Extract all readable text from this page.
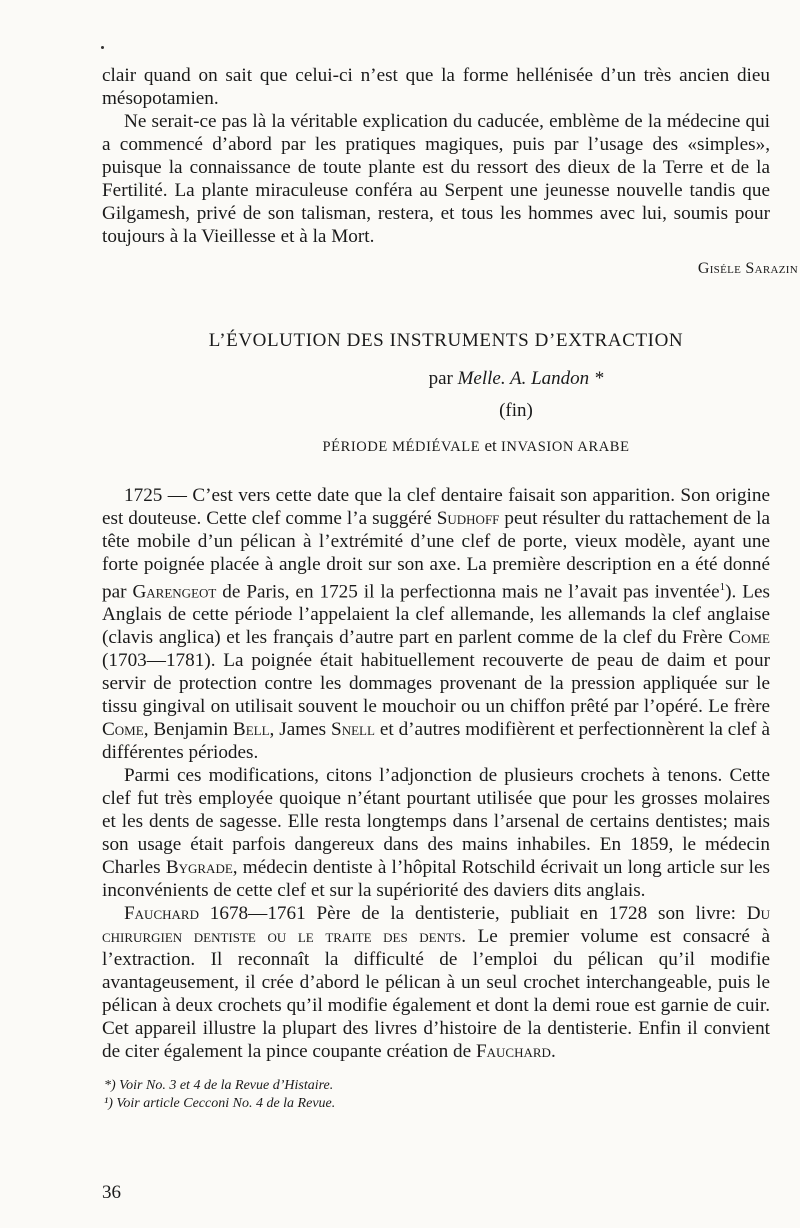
clair quand on sait que celui-ci n’est que la forme hellénisée d’un très ancien dieu mésopotamien.

Ne serait-ce pas là la véritable explication du caducée, emblème de la médecine qui a commencé d’abord par les pratiques magiques, puis par l’usage des «simples», puisque la connaissance de toute plante est du ressort des dieux de la Terre et de la Fertilité. La plante miraculeuse conféra au Serpent une jeunesse nouvelle tandis que Gilgamesh, privé de son talisman, restera, et tous les hommes avec lui, soumis pour toujours à la Vieillesse et à la Mort.

Giséle Sarazin
L’ÉVOLUTION DES INSTRUMENTS D’EXTRACTION
par Melle. A. Landon *
(fin)
PÉRIODE MÉDIÉVALE et INVASION ARABE

1725 — C’est vers cette date que la clef dentaire faisait son apparition. Son origine est douteuse. Cette clef comme l’a suggéré Sudhoff peut résulter du rattachement de la tête mobile d’un pélican à l’extrémité d’une clef de porte, vieux modèle, ayant une forte poignée placée à angle droit sur son axe. La première description en a été donné par Garengeot de Paris, en 1725 il la perfectionna mais ne l’avait pas inventée$^1$). Les Anglais de cette période l’appelaient la clef allemande, les allemands la clef anglaise (clavis anglica) et les français d’autre part en parlent comme de la clef du Frère Come (1703—1781). La poignée était habituellement recouverte de peau de daim et pour servir de protection contre les dommages provenant de la pression appliquée sur le tissu gingival on utilisait souvent le mouchoir ou un chiffon prêté par l’opéré. Le frère Come, Benjamin Bell, James Snell et d’autres modifièrent et perfectionnèrent la clef à différentes périodes.

Parmi ces modifications, citons l’adjonction de plusieurs crochets à tenons. Cette clef fut très employée quoique n’étant pourtant utilisée que pour les grosses molaires et les dents de sagesse. Elle resta longtemps dans l’arsenal de certains dentistes; mais son usage était parfois dangereux dans des mains inhabiles. En 1859, le médecin Charles Bygrade, médecin dentiste à l’hôpital Rotschild écrivait un long article sur les inconvénients de cette clef et sur la supériorité des daviers dits anglais.

Fauchard 1678—1761 Père de la dentisterie, publiait en 1728 son livre: Du chirurgien dentiste ou le traite des dents. Le premier volume est consacré à l’extraction. Il reconnaît la difficulté de l’emploi du pélican qu’il modifie avantageusement, il crée d’abord le pélican à un seul crochet interchangeable, puis le pélican à deux crochets qu’il modifie également et dont la demi roue est garnie de cuir. Cet appareil illustre la plupart des livres d’histoire de la dentisterie. Enfin il convient de citer également la pince coupante création de Fauchard.

*) Voir No. 3 et 4 de la Revue d’Histaire.
¹) Voir article Cecconi No. 4 de la Revue.
36
